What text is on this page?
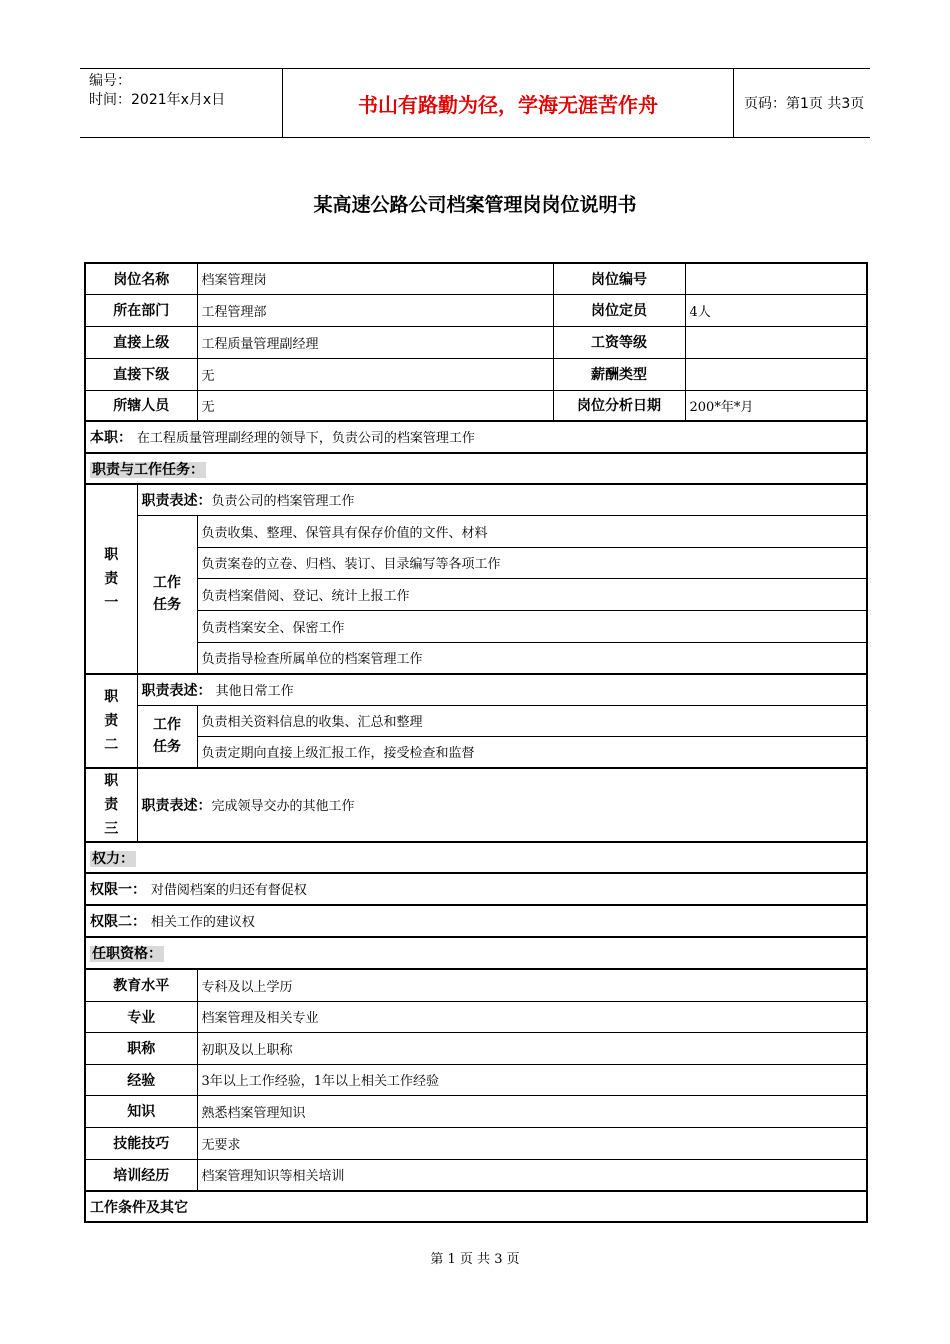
编号：
时间：2021年x月x日	书山有路勤为径，学海无涯苦作舟	页码：第1页 共3页
某高速公路公司档案管理岗岗位说明书
岗位名称		档案管理岗	岗位编号	
所在部门		工程管理部	岗位定员	4人
直接上级		工程质量管理副经理	工资等级	
直接下级		无	薪酬类型	
所辖人员		无	岗位分析日期	200*年*月
本职： 在工程质量管理副经理的领导下，负责公司的档案管理工作				
职责与工作任务：				
职
责
一	职责表述：负责公司的档案管理工作			
	工作
任务	负责收集、整理、保管具有保存价值的文件、材料		
		负责案卷的立卷、归档、装订、目录编写等各项工作		
		负责档案借阅、登记、统计上报工作		
		负责档案安全、保密工作		
		负责指导检查所属单位的档案管理工作		
职
责
二	职责表述： 其他日常工作			
	工作
任务	负责相关资料信息的收集、汇总和整理		
		负责定期向直接上级汇报工作，接受检查和监督		
职
责
三	职责表述：完成领导交办的其他工作			
权力：				
权限一： 对借阅档案的归还有督促权				
权限二： 相关工作的建议权				
任职资格：				
教育水平		专科及以上学历		
专业		档案管理及相关专业		
职称		初职及以上职称		
经验		3年以上工作经验，1年以上相关工作经验		
知识		熟悉档案管理知识		
技能技巧		无要求		
培训经历		档案管理知识等相关培训		
工作条件及其它				
第 1 页 共 3 页
